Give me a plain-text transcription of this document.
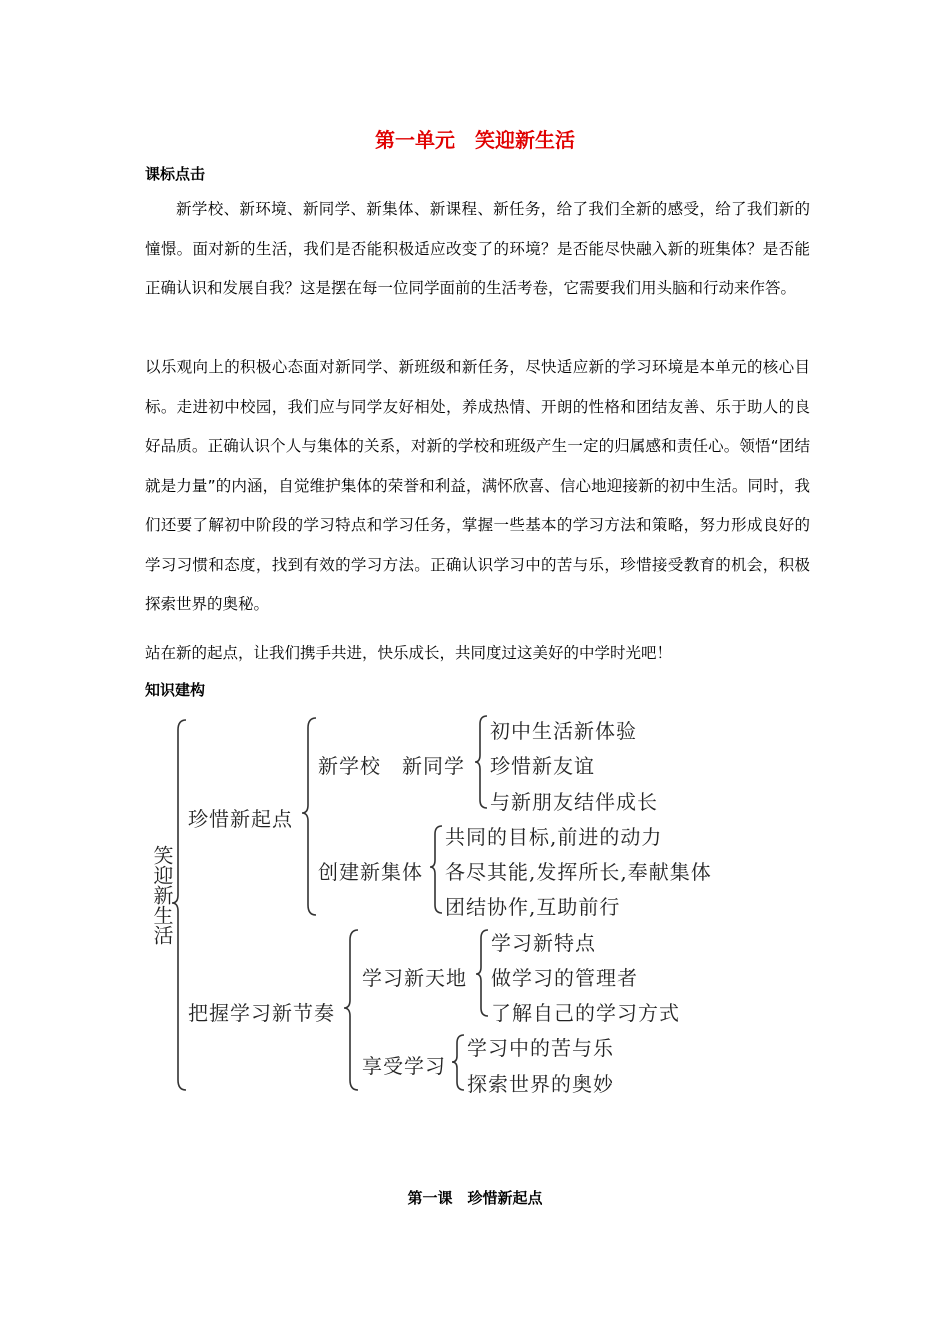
第一单元　笑迎新生活
课标点击
新学校、新环境、新同学、新集体、新课程、新任务，给了我们全新的感受，给了我们新的憧憬。面对新的生活，我们是否能积极适应改变了的环境？是否能尽快融入新的班集体？是否能正确认识和发展自我？这是摆在每一位同学面前的生活考卷，它需要我们用头脑和行动来作答。
以乐观向上的积极心态面对新同学、新班级和新任务，尽快适应新的学习环境是本单元的核心目标。走进初中校园，我们应与同学友好相处，养成热情、开朗的性格和团结友善、乐于助人的良好品质。正确认识个人与集体的关系，对新的学校和班级产生一定的归属感和责任心。领悟“团结就是力量”的内涵，自觉维护集体的荣誉和利益，满怀欣喜、信心地迎接新的初中生活。同时，我们还要了解初中阶段的学习特点和学习任务，掌握一些基本的学习方法和策略，努力形成良好的学习习惯和态度，找到有效的学习方法。正确认识学习中的苦与乐，珍惜接受教育的机会，积极探索世界的奥秘。
站在新的起点，让我们携手共进，快乐成长，共同度过这美好的中学时光吧！
知识建构
笑迎新生活
珍惜新起点
新学校　新同学
初中生活新体验
珍惜新友谊
与新朋友结伴成长
创建新集体
共同的目标,前进的动力
各尽其能,发挥所长,奉献集体
团结协作,互助前行
把握学习新节奏
学习新天地
学习新特点
做学习的管理者
了解自己的学习方式
享受学习
学习中的苦与乐
探索世界的奥妙
第一课　珍惜新起点
